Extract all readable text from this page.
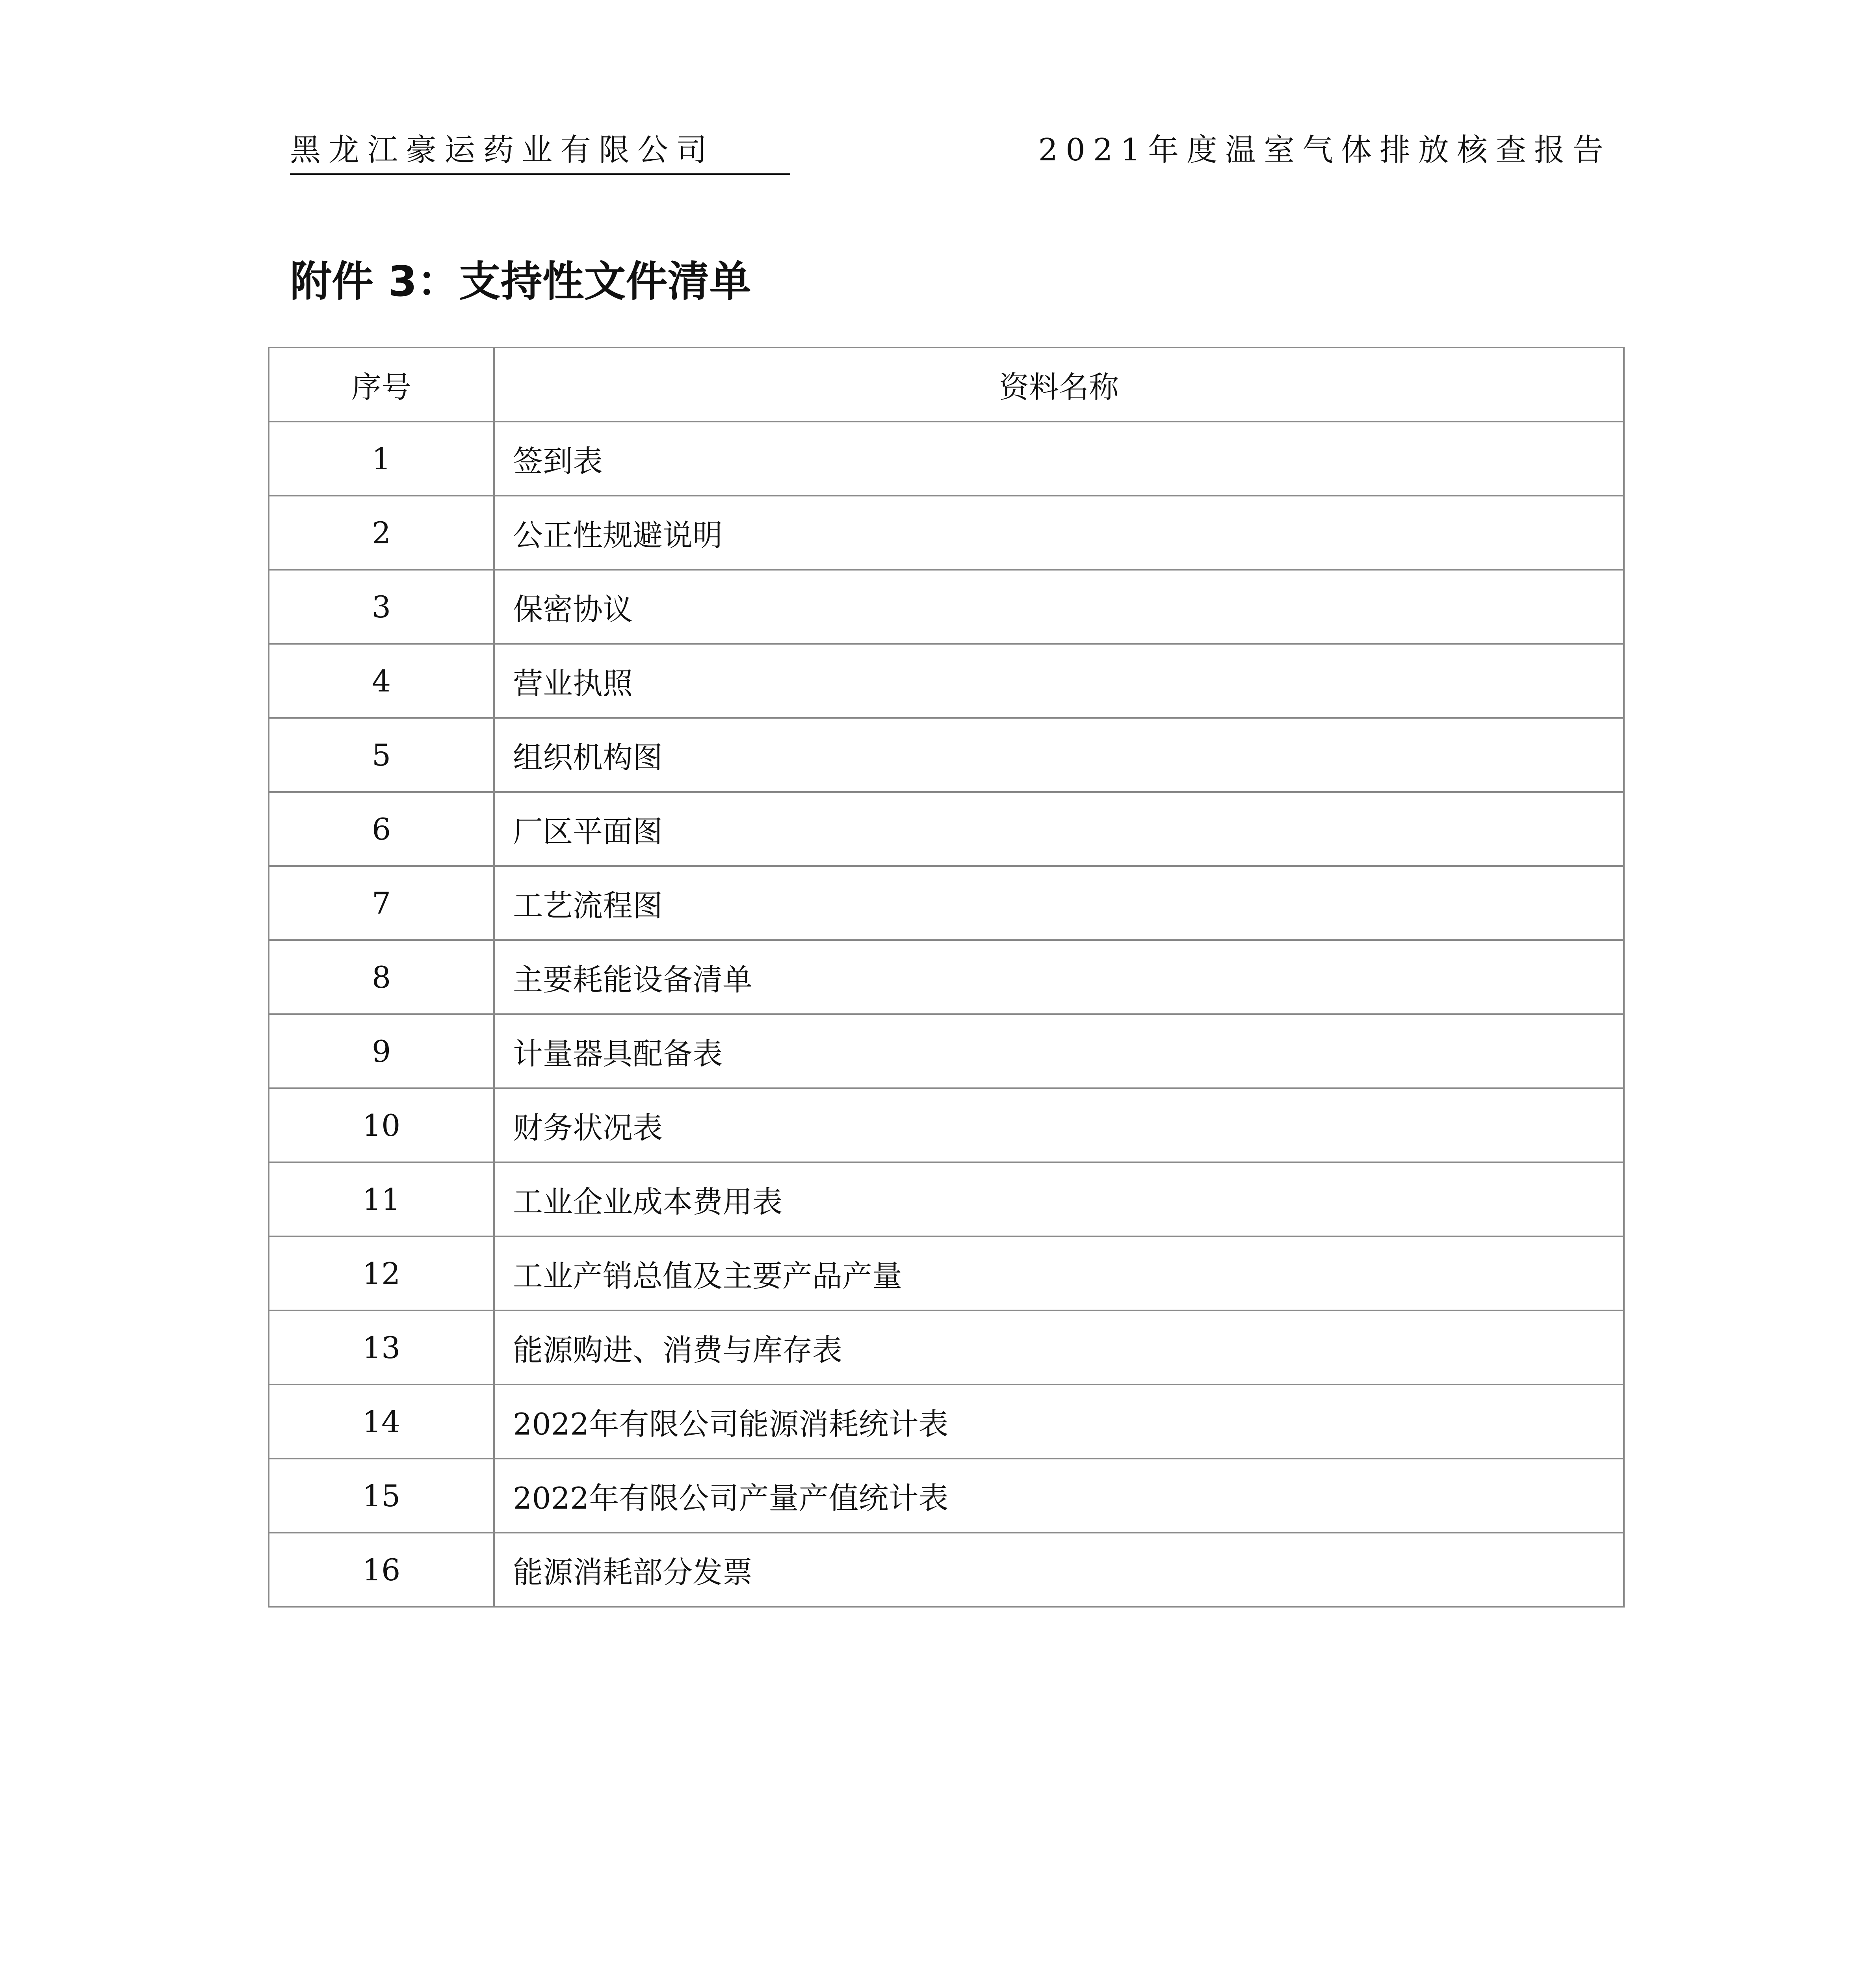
黑龙江豪运药业有限公司	2021年度温室气体排放核查报告
附件 3：支持性文件清单
序号	资料名称
1	签到表
2	公正性规避说明
3	保密协议
4	营业执照
5	组织机构图
6	厂区平面图
7	工艺流程图
8	主要耗能设备清单
9	计量器具配备表
10	财务状况表
11	工业企业成本费用表
12	工业产销总值及主要产品产量
13	能源购进、消费与库存表
14	2022年有限公司能源消耗统计表
15	2022年有限公司产量产值统计表
16	能源消耗部分发票
